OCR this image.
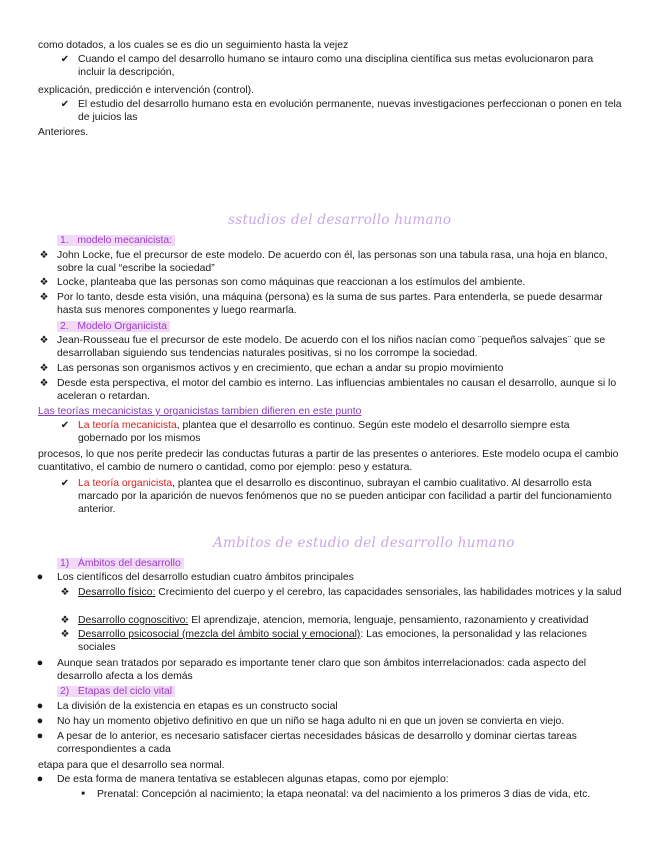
como dotados, a los cuales se es dio un seguimiento hasta la vejez
✔ Cuando el campo del desarrollo humano se intauro como una disciplina científica sus metas evolucionaron para incluir la descripción,
explicación, predicción e intervención (control).
✔ El estudio del desarrollo humano esta en evolución permanente, nuevas investigaciones perfeccionan o ponen en tela de juicios las
Anteriores.
sstudios del desarrollo humano
1. modelo mecanicista:
❖ John Locke, fue el precursor de este modelo. De acuerdo con él, las personas son una tabula rasa, una hoja en blanco, sobre la cual “escribe la sociedad”
❖ Locke, planteaba que las personas son como máquinas que reaccionan a los estímulos del ambiente.
❖ Por lo tanto, desde esta visión, una máquina (persona) es la suma de sus partes. Para entenderla, se puede desarmar hasta sus menores componentes y luego rearmarla.
2. Modelo Organicista
❖ Jean-Rousseau fue el precursor de este modelo. De acuerdo con el los niños nacían como ¨pequeños salvajes¨ que se desarrollaban siguiendo sus tendencias naturales positivas, si no los corrompe la sociedad.
❖ Las personas son organismos activos y en crecimiento, que echan a andar su propio movimiento
❖ Desde esta perspectiva, el motor del cambio es interno. Las influencias ambientales no causan el desarrollo, aunque si lo aceleran o retardan.
Las teorías mecanicistas y organicistas tambien difieren en este punto
✔ La teoría mecanicista, plantea que el desarrollo es continuo. Según este modelo el desarrollo siempre esta gobernado por los mismos
procesos, lo que nos perite predecir las conductas futuras a partir de las presentes o anteriores. Este modelo ocupa el cambio cuantitativo, el cambio de numero o cantidad, como por ejemplo: peso y estatura.
✔ La teoría organicista, plantea que el desarrollo es discontinuo, subrayan el cambio cualitativo. Al desarrollo esta marcado por la aparición de nuevos fenómenos que no se pueden anticipar con facilidad a partir del funcionamiento anterior.
Ambitos de estudio del desarrollo humano
1) Ámbitos del desarrollo
●	Los científicos del desarrollo estudian cuatro ámbitos principales
❖ Desarrollo físico: Crecimiento del cuerpo y el cerebro, las capacidades sensoriales, las habilidades motrices y la salud
❖ Desarrollo cognoscitivo: El aprendizaje, atencion, memoria, lenguaje, pensamiento, razonamiento y creatividad
❖ Desarrollo psicosocial (mezcla del ámbito social y emocional): Las emociones, la personalidad y las relaciones sociales
●	Aunque sean tratados por separado es importante tener claro que son ámbitos interrelacionados: cada aspecto del desarrollo afecta a los demás
2) Etapas del ciclo vital
●	La división de la existencia en etapas es un constructo social
●	No hay un momento objetivo definitivo en que un niño se haga adulto ni en que un joven se convierta en viejo.
●	A pesar de lo anterior, es necesario satisfacer ciertas necesidades básicas de desarrollo y dominar ciertas tareas correspondientes a cada
etapa para que el desarrollo sea normal.
●	De esta forma de manera tentativa se establecen algunas etapas, como por ejemplo:
■	Prenatal: Concepción al nacimiento; la etapa neonatal: va del nacimiento a los primeros 3 dias de vida, etc.
